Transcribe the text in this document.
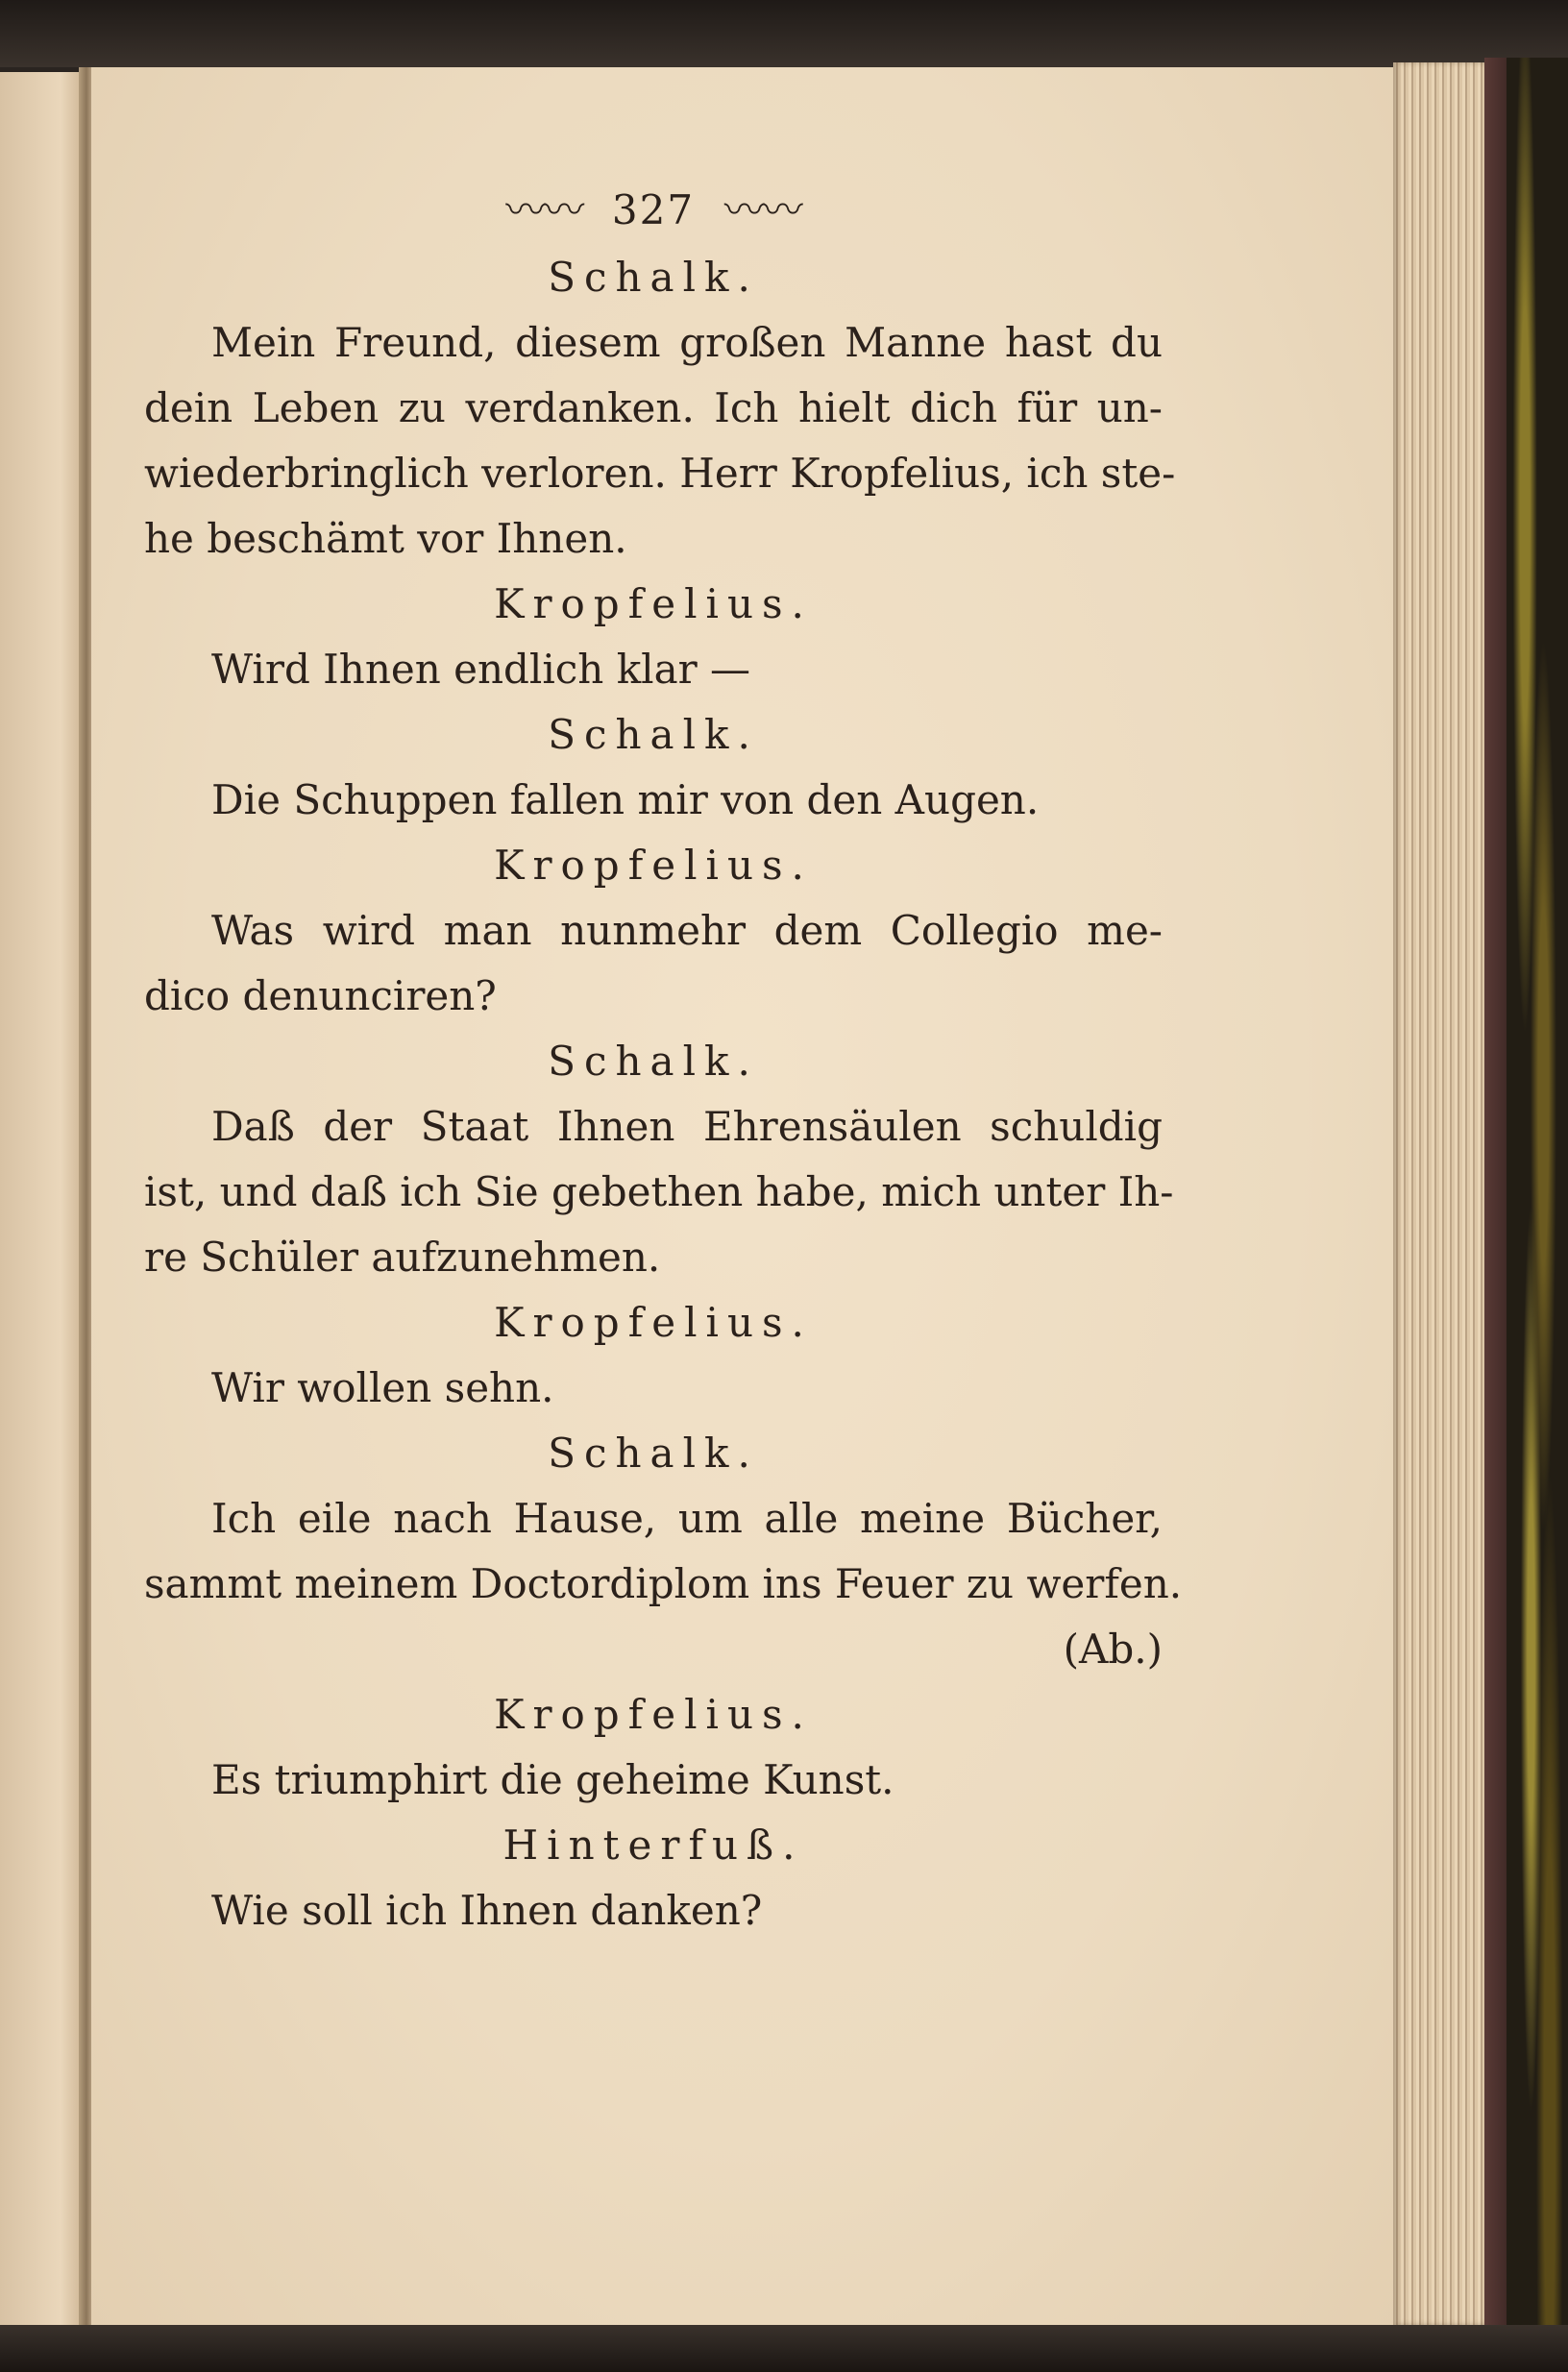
〰〰 327 〰〰
Schalk.
Mein Freund, diesem großen Manne hast du
dein Leben zu verdanken. Ich hielt dich für un-
wiederbringlich verloren. Herr Kropfelius, ich ste-
he beschämt vor Ihnen.
Kropfelius.
Wird Ihnen endlich klar —
Schalk.
Die Schuppen fallen mir von den Augen.
Kropfelius.
Was wird man nunmehr dem Collegio me-
dico denunciren?
Schalk.
Daß der Staat Ihnen Ehrensäulen schuldig
ist, und daß ich Sie gebethen habe, mich unter Ih-
re Schüler aufzunehmen.
Kropfelius.
Wir wollen sehn.
Schalk.
Ich eile nach Hause, um alle meine Bücher,
sammt meinem Doctordiplom ins Feuer zu werfen.
(Ab.)
Kropfelius.
Es triumphirt die geheime Kunst.
Hinterfuß.
Wie soll ich Ihnen danken?
